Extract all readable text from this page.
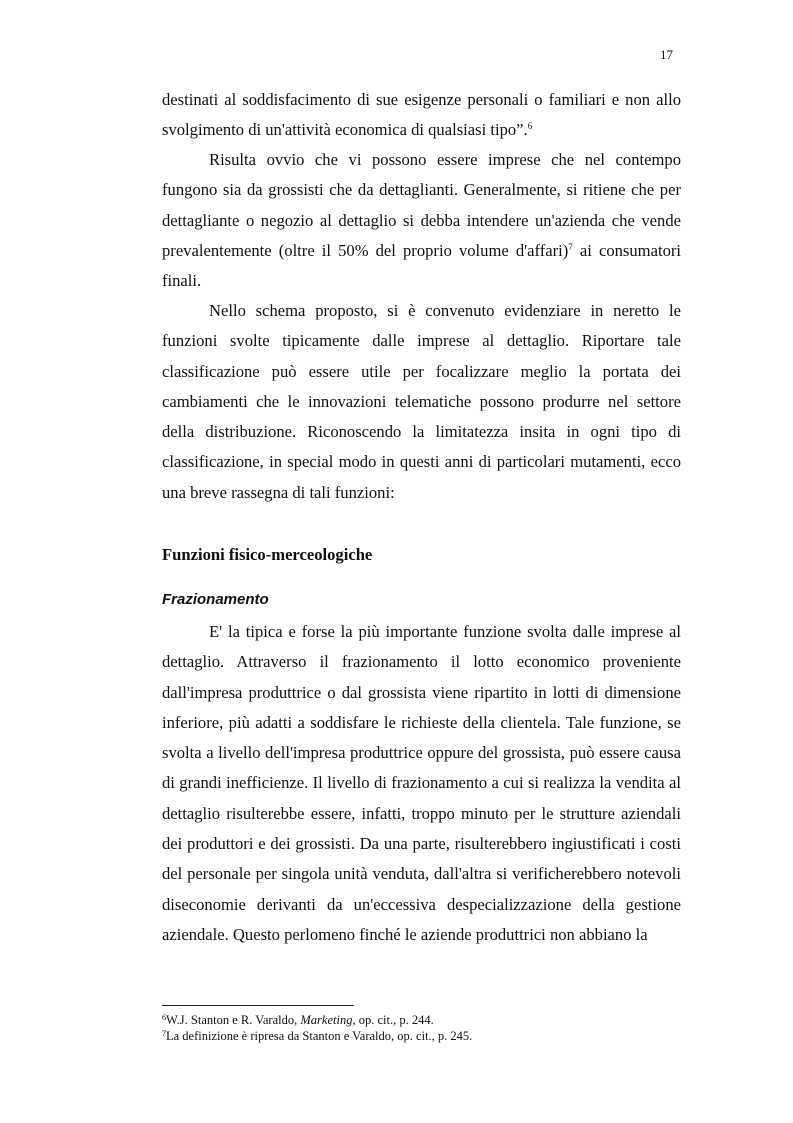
17

destinati al soddisfacimento di sue esigenze personali o familiari e non allo svolgimento di un'attività economica di qualsiasi tipo”.$^6$

Risulta ovvio che vi possono essere imprese che nel contempo fungono sia da grossisti che da dettaglianti. Generalmente, si ritiene che per dettagliante o negozio al dettaglio si debba intendere un'azienda che vende prevalentemente (oltre il 50% del proprio volume d'affari)$^7$ ai consumatori finali.

Nello schema proposto, si è convenuto evidenziare in neretto le funzioni svolte tipicamente dalle imprese al dettaglio. Riportare tale classificazione può essere utile per focalizzare meglio la portata dei cambiamenti che le innovazioni telematiche possono produrre nel settore della distribuzione. Riconoscendo la limitatezza insita in ogni tipo di classificazione, in special modo in questi anni di particolari mutamenti, ecco una breve rassegna di tali funzioni:

Funzioni fisico-merceologiche
Frazionamento

E' la tipica e forse la più importante funzione svolta dalle imprese al dettaglio. Attraverso il frazionamento il lotto economico proveniente dall'impresa produttrice o dal grossista viene ripartito in lotti di dimensione inferiore, più adatti a soddisfare le richieste della clientela. Tale funzione, se svolta a livello dell'impresa produttrice oppure del grossista, può essere causa di grandi inefficienze. Il livello di frazionamento a cui si realizza la vendita al dettaglio risulterebbe essere, infatti, troppo minuto per le strutture aziendali dei produttori e dei grossisti. Da una parte, risulterebbero ingiustificati i costi del personale per singola unità venduta, dall'altra si verificherebbero notevoli diseconomie derivanti da un'eccessiva despecializzazione della gestione aziendale. Questo perlomeno finché le aziende produttrici non abbiano la

$^6$W.J. Stanton e R. Varaldo, Marketing, op. cit., p. 244.
$^7$La definizione è ripresa da Stanton e Varaldo, op. cit., p. 245.
